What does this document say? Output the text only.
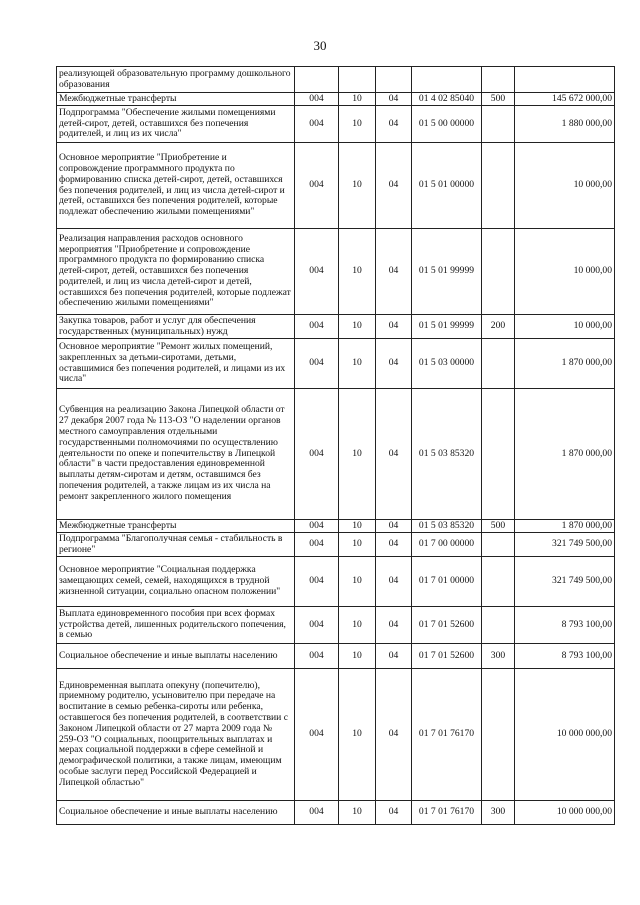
30
реализующей образовательную программу дошкольного образования						
Межбюджетные трансферты	004	10	04	01 4 02 85040	500	145 672 000,00
Подпрограмма "Обеспечение жилыми помещениями детей-сирот, детей, оставшихся без попечения родителей, и лиц из их числа"	004	10	04	01 5 00 00000		1 880 000,00
Основное мероприятие "Приобретение и сопровождение программного продукта по формированию списка детей-сирот, детей, оставшихся без попечения родителей, и лиц из числа детей-сирот и детей, оставшихся без попечения родителей, которые подлежат обеспечению жилыми помещениями"	004	10	04	01 5 01 00000		10 000,00
Реализация направления расходов основного мероприятия "Приобретение и сопровождение программного продукта по формированию списка детей-сирот, детей, оставшихся без попечения родителей, и лиц из числа детей-сирот и детей, оставшихся без попечения родителей, которые подлежат обеспечению жилыми помещениями"	004	10	04	01 5 01 99999		10 000,00
Закупка товаров, работ и услуг для обеспечения государственных (муниципальных) нужд	004	10	04	01 5 01 99999	200	10 000,00
Основное мероприятие "Ремонт жилых помещений, закрепленных за детьми-сиротами, детьми, оставшимися без попечения родителей, и лицами из их числа"	004	10	04	01 5 03 00000		1 870 000,00
Субвенция на реализацию Закона Липецкой области от 27 декабря 2007 года № 113-ОЗ "О наделении органов местного самоуправления отдельными государственными полномочиями по осуществлению деятельности по опеке и попечительству в Липецкой области" в части предоставления единовременной выплаты детям-сиротам и детям, оставшимся без попечения родителей, а также лицам из их числа на ремонт закрепленного жилого помещения	004	10	04	01 5 03 85320		1 870 000,00
Межбюджетные трансферты	004	10	04	01 5 03 85320	500	1 870 000,00
Подпрограмма "Благополучная семья - стабильность в регионе"	004	10	04	01 7 00 00000		321 749 500,00
Основное мероприятие "Социальная поддержка замещающих семей, семей, находящихся в трудной жизненной ситуации, социально опасном положении"	004	10	04	01 7 01 00000		321 749 500,00
Выплата единовременного пособия при всех формах устройства детей, лишенных родительского попечения, в семью	004	10	04	01 7 01 52600		8 793 100,00
Социальное обеспечение и иные выплаты населению	004	10	04	01 7 01 52600	300	8 793 100,00
Единовременная выплата опекуну (попечителю), приемному родителю, усыновителю при передаче на воспитание в семью ребенка-сироты или ребенка, оставшегося без попечения родителей, в соответствии с Законом Липецкой области от 27 марта 2009 года № 259-ОЗ "О социальных, поощрительных выплатах и мерах социальной поддержки в сфере семейной и демографической политики, а также лицам, имеющим особые заслуги перед Российской Федерацией и Липецкой областью"	004	10	04	01 7 01 76170		10 000 000,00
Социальное обеспечение и иные выплаты населению	004	10	04	01 7 01 76170	300	10 000 000,00
